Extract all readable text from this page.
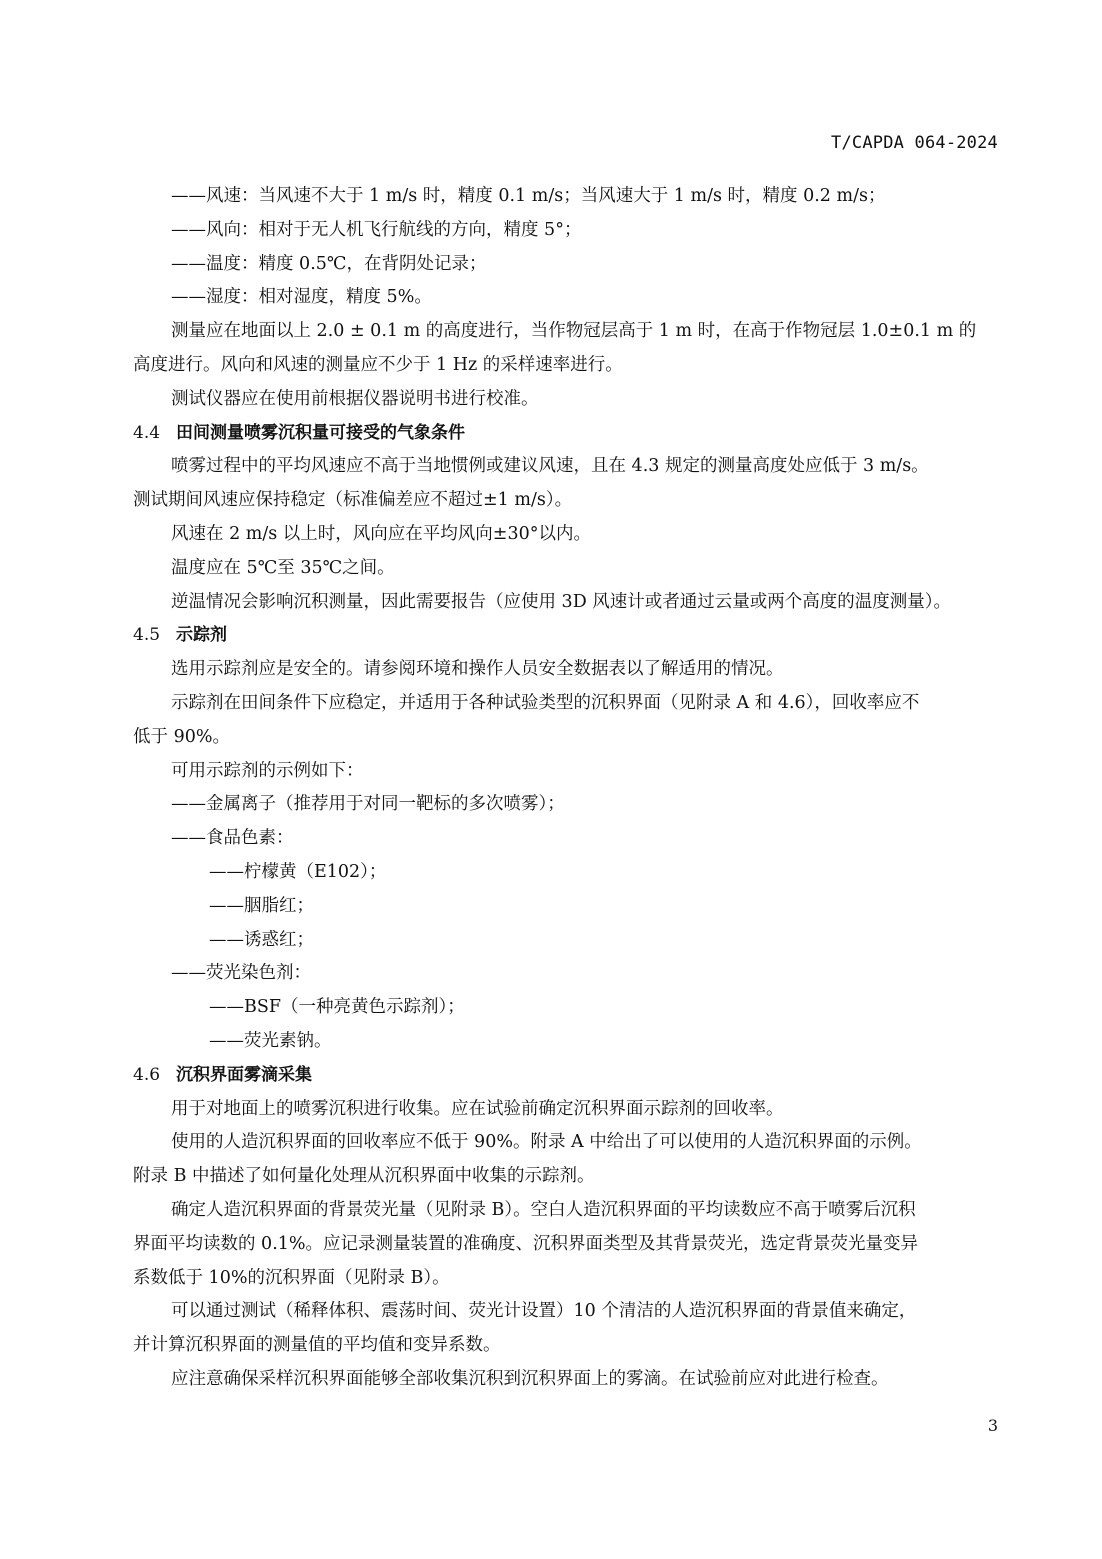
T/CAPDA 064-2024
——风速：当风速不大于 1 m/s 时，精度 0.1 m/s；当风速大于 1 m/s 时，精度 0.2 m/s；
——风向：相对于无人机飞行航线的方向，精度 5°；
——温度：精度 0.5℃，在背阴处记录；
——湿度：相对湿度，精度 5%。
测量应在地面以上 2.0 ± 0.1 m 的高度进行，当作物冠层高于 1 m 时，在高于作物冠层 1.0±0.1 m 的
高度进行。风向和风速的测量应不少于 1 Hz 的采样速率进行。
测试仪器应在使用前根据仪器说明书进行校准。
4.4 田间测量喷雾沉积量可接受的气象条件
喷雾过程中的平均风速应不高于当地惯例或建议风速，且在 4.3 规定的测量高度处应低于 3 m/s。
测试期间风速应保持稳定（标准偏差应不超过±1 m/s）。
风速在 2 m/s 以上时，风向应在平均风向±30°以内。
温度应在 5℃至 35℃之间。
逆温情况会影响沉积测量，因此需要报告（应使用 3D 风速计或者通过云量或两个高度的温度测量）。
4.5 示踪剂
选用示踪剂应是安全的。请参阅环境和操作人员安全数据表以了解适用的情况。
示踪剂在田间条件下应稳定，并适用于各种试验类型的沉积界面（见附录 A 和 4.6），回收率应不
低于 90%。
可用示踪剂的示例如下：
——金属离子（推荐用于对同一靶标的多次喷雾）；
——食品色素：
——柠檬黄（E102）；
——胭脂红；
——诱惑红；
——荧光染色剂：
——BSF（一种亮黄色示踪剂）；
——荧光素钠。
4.6 沉积界面雾滴采集
用于对地面上的喷雾沉积进行收集。应在试验前确定沉积界面示踪剂的回收率。
使用的人造沉积界面的回收率应不低于 90%。附录 A 中给出了可以使用的人造沉积界面的示例。
附录 B 中描述了如何量化处理从沉积界面中收集的示踪剂。
确定人造沉积界面的背景荧光量（见附录 B）。空白人造沉积界面的平均读数应不高于喷雾后沉积
界面平均读数的 0.1%。应记录测量装置的准确度、沉积界面类型及其背景荧光，选定背景荧光量变异
系数低于 10%的沉积界面（见附录 B）。
可以通过测试（稀释体积、震荡时间、荧光计设置）10 个清洁的人造沉积界面的背景值来确定，
并计算沉积界面的测量值的平均值和变异系数。
应注意确保采样沉积界面能够全部收集沉积到沉积界面上的雾滴。在试验前应对此进行检查。
3
